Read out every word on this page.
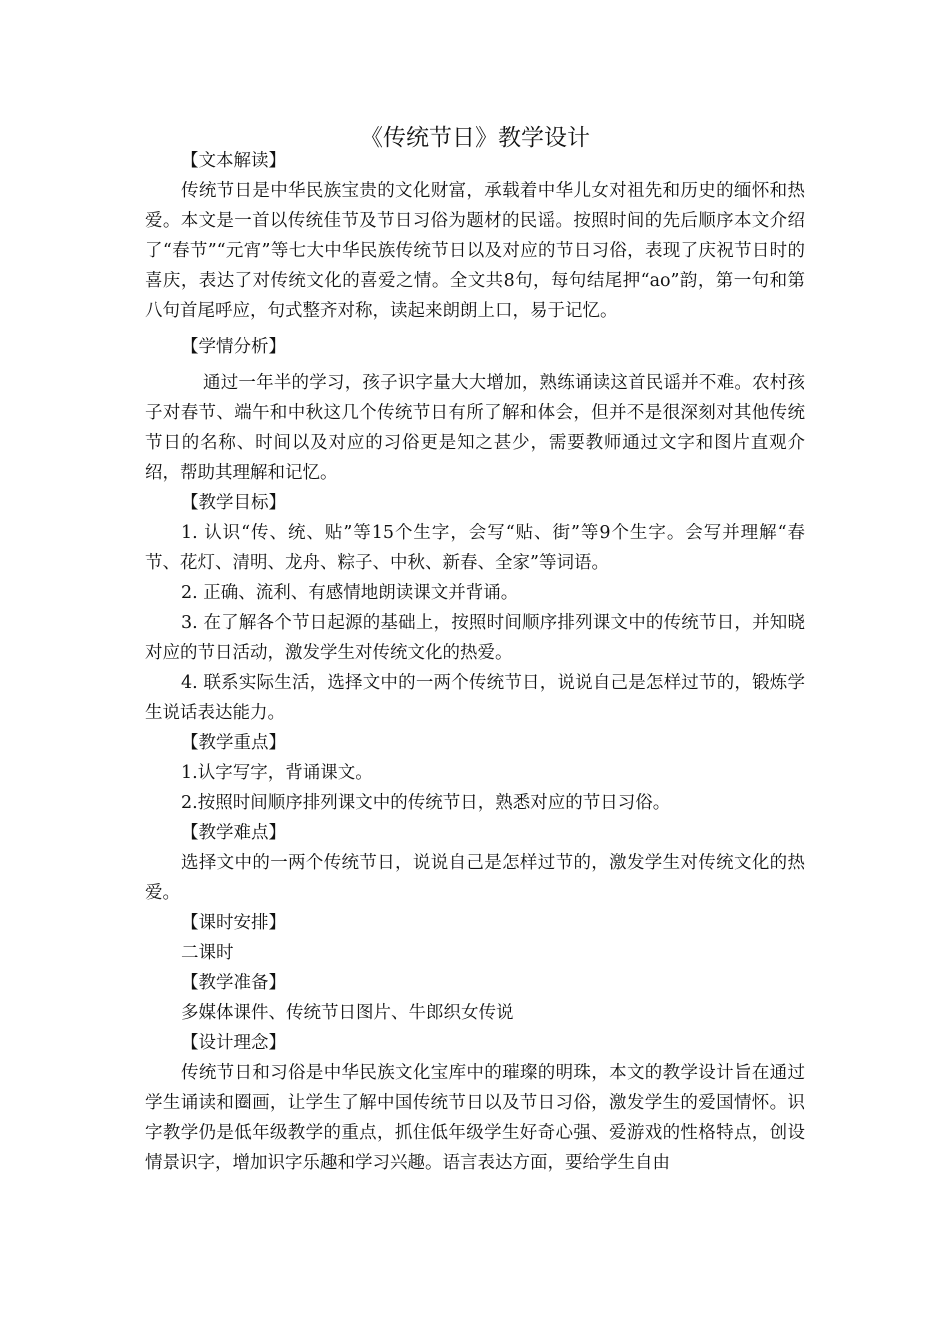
《传统节日》教学设计

【文本解读】

传统节日是中华民族宝贵的文化财富，承载着中华儿女对祖先和历史的缅怀和热爱。本文是一首以传统佳节及节日习俗为题材的民谣。按照时间的先后顺序本文介绍了“春节”“元宵”等七大中华民族传统节日以及对应的节日习俗，表现了庆祝节日时的喜庆，表达了对传统文化的喜爱之情。全文共8句，每句结尾押“ao”韵，第一句和第八句首尾呼应，句式整齐对称，读起来朗朗上口，易于记忆。

【学情分析】

通过一年半的学习，孩子识字量大大增加，熟练诵读这首民谣并不难。农村孩子对春节、端午和中秋这几个传统节日有所了解和体会，但并不是很深刻对其他传统节日的名称、时间以及对应的习俗更是知之甚少，需要教师通过文字和图片直观介绍，帮助其理解和记忆。

【教学目标】

1. 认识“传、统、贴”等15个生字，会写“贴、街”等9个生字。会写并理解“春节、花灯、清明、龙舟、粽子、中秋、新春、全家”等词语。

2. 正确、流利、有感情地朗读课文并背诵。

3. 在了解各个节日起源的基础上，按照时间顺序排列课文中的传统节日，并知晓对应的节日活动，激发学生对传统文化的热爱。

4. 联系实际生活，选择文中的一两个传统节日，说说自己是怎样过节的，锻炼学生说话表达能力。

【教学重点】

1.认字写字，背诵课文。

2.按照时间顺序排列课文中的传统节日，熟悉对应的节日习俗。

【教学难点】

选择文中的一两个传统节日，说说自己是怎样过节的，激发学生对传统文化的热爱。

【课时安排】

二课时

【教学准备】

多媒体课件、传统节日图片、牛郎织女传说

【设计理念】

传统节日和习俗是中华民族文化宝库中的璀璨的明珠，本文的教学设计旨在通过学生诵读和圈画，让学生了解中国传统节日以及节日习俗，激发学生的爱国情怀。识字教学仍是低年级教学的重点，抓住低年级学生好奇心强、爱游戏的性格特点，创设情景识字，增加识字乐趣和学习兴趣。语言表达方面，要给学生自由
